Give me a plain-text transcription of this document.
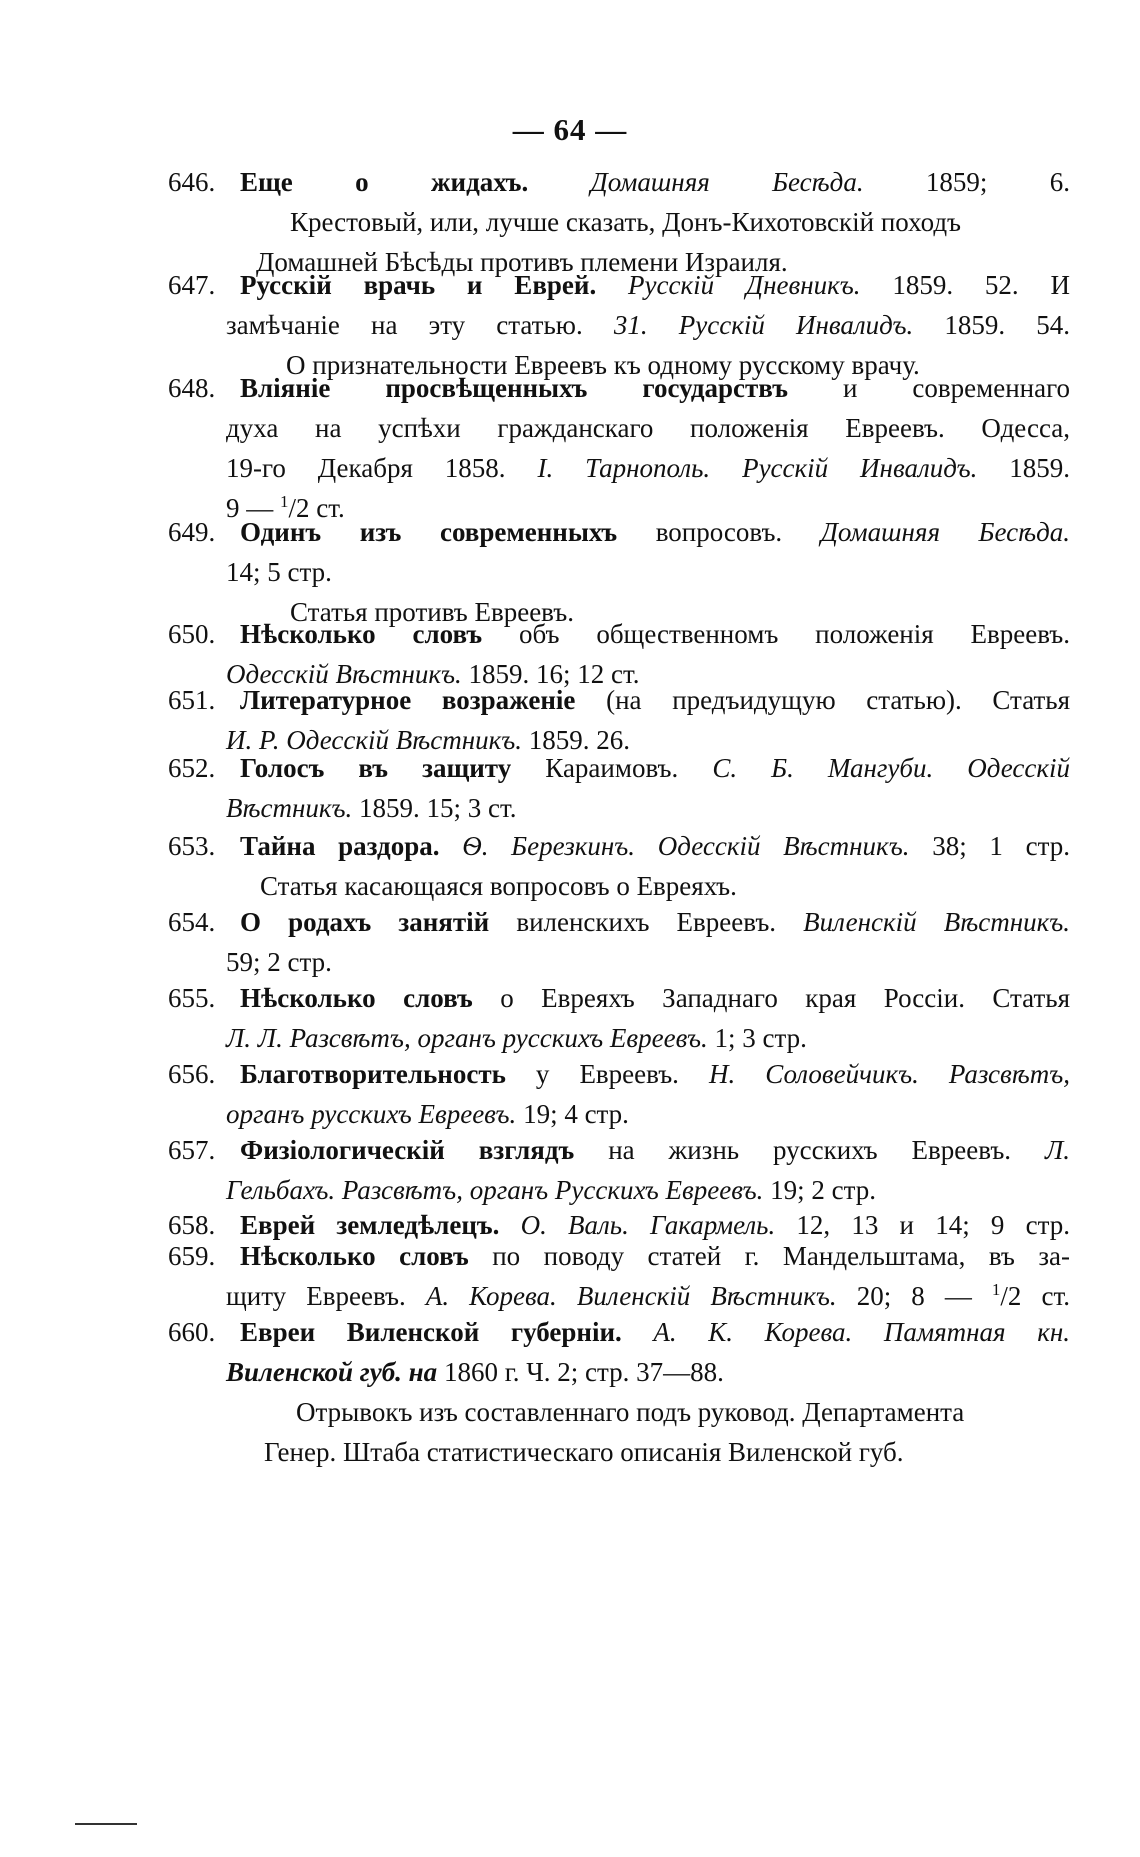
— 64 —
646. Еще о жидахъ. Домашняя Бесѣда. 1859; 6.
Крестовый, или, лучше сказать, Донъ-Кихотовскій походъ
Домашней Бѣсѣды противъ племени Израиля.
647. Русскій врачь и Еврей. Русскій Дневникъ. 1859. 52. И
замѣчаніе на эту статью. 31. Русскій Инвалидъ. 1859. 54.
О признательности Евреевъ къ одному русскому врачу.
648. Вліяніе просвѣщенныхъ государствъ и современнаго
духа на успѣхи гражданскаго положенія Евреевъ. Одесса,
19-го Декабря 1858. I. Тарнополь. Русскій Инвалидъ. 1859.
9 — $^1$/2 ст.
649. Одинъ изъ современныхъ вопросовъ. Домашняя Бесѣда.
14; 5 стр.
Статья противъ Евреевъ.
650. Нѣсколько словъ объ общественномъ положенія Евреевъ.
Одесскій Вѣстникъ. 1859. 16; 12 ст.
651. Литературное возраженіе (на предъидущую статью). Статья
И. Р. Одесскій Вѣстникъ. 1859. 26.
652. Голосъ въ защиту Караимовъ. С. Б. Мангуби. Одесскій
Вѣстникъ. 1859. 15; 3 ст.
653. Тайна раздора. Ѳ. Березкинъ. Одесскій Вѣстникъ. 38; 1 стр.
Статья касающаяся вопросовъ о Евреяхъ.
654. О родахъ занятій виленскихъ Евреевъ. Виленскій Вѣстникъ.
59; 2 стр.
655. Нѣсколько словъ о Евреяхъ Западнаго края Россіи. Статья
Л. Л. Разсвѣтъ, органъ русскихъ Евреевъ. 1; 3 стр.
656. Благотворительность у Евреевъ. Н. Соловейчикъ. Разсвѣтъ,
органъ русскихъ Евреевъ. 19; 4 стр.
657. Физіологическій взглядъ на жизнь русскихъ Евреевъ. Л.
Гельбахъ. Разсвѣтъ, органъ Русскихъ Евреевъ. 19; 2 стр.
658. Еврей земледѣлецъ. О. Валь. Гакармель. 12, 13 и 14; 9 стр.
659. Нѣсколько словъ по поводу статей г. Мандельштама, въ за-
щиту Евреевъ. А. Корева. Виленскій Вѣстникъ. 20; 8 — $^1$/2 ст.
660. Евреи Виленской губерніи. А. К. Корева. Памятная кн.
Виленской губ. на 1860 г. Ч. 2; стр. 37—88.
Отрывокъ изъ составленнаго подъ руковод. Департамента
Генер. Штаба статистическаго описанія Виленской губ.
